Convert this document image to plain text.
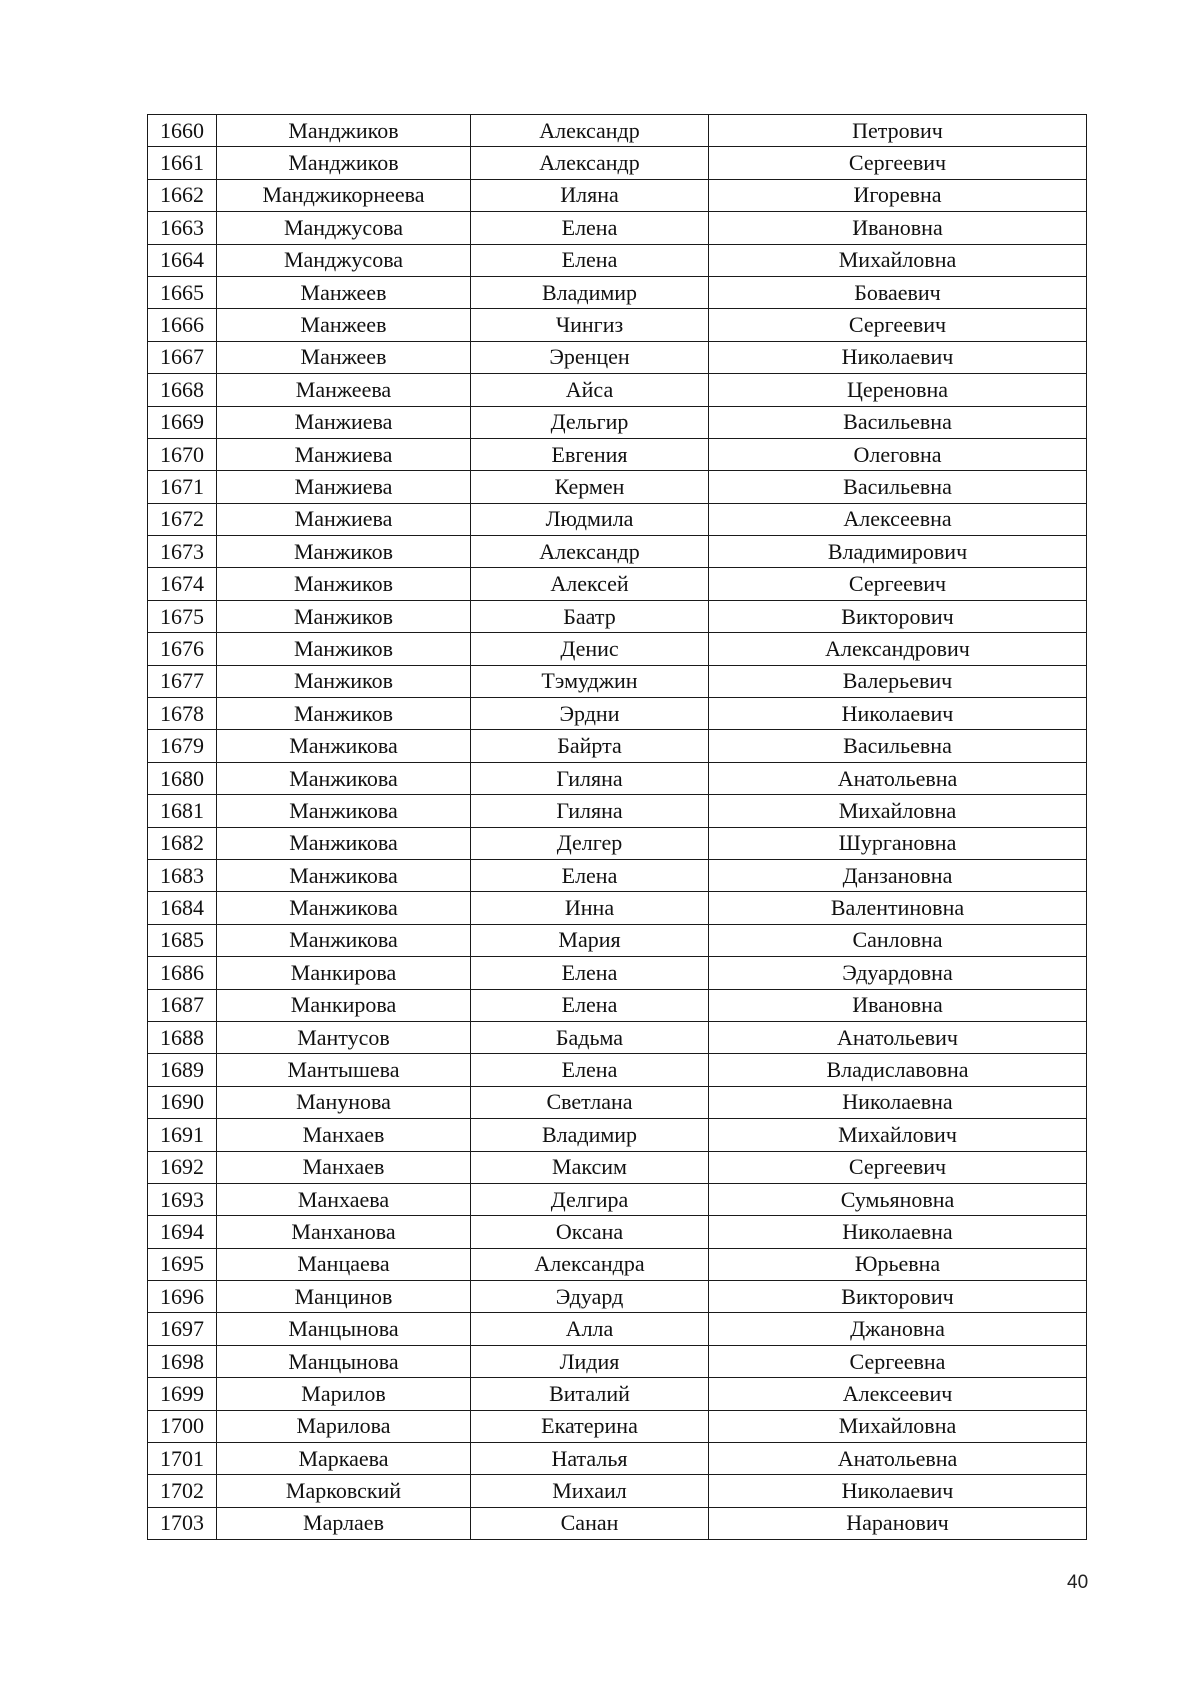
1660	Манджиков	Александр	Петрович
1661	Манджиков	Александр	Сергеевич
1662	Манджикорнеева	Иляна	Игоревна
1663	Манджусова	Елена	Ивановна
1664	Манджусова	Елена	Михайловна
1665	Манжеев	Владимир	Боваевич
1666	Манжеев	Чингиз	Сергеевич
1667	Манжеев	Эренцен	Николаевич
1668	Манжеева	Айса	Цереновна
1669	Манжиева	Дельгир	Васильевна
1670	Манжиева	Евгения	Олеговна
1671	Манжиева	Кермен	Васильевна
1672	Манжиева	Людмила	Алексеевна
1673	Манжиков	Александр	Владимирович
1674	Манжиков	Алексей	Сергеевич
1675	Манжиков	Баатр	Викторович
1676	Манжиков	Денис	Александрович
1677	Манжиков	Тэмуджин	Валерьевич
1678	Манжиков	Эрдни	Николаевич
1679	Манжикова	Байрта	Васильевна
1680	Манжикова	Гиляна	Анатольевна
1681	Манжикова	Гиляна	Михайловна
1682	Манжикова	Делгер	Шургановна
1683	Манжикова	Елена	Данзановна
1684	Манжикова	Инна	Валентиновна
1685	Манжикова	Мария	Санловна
1686	Манкирова	Елена	Эдуардовна
1687	Манкирова	Елена	Ивановна
1688	Мантусов	Бадьма	Анатольевич
1689	Мантышева	Елена	Владиславовна
1690	Манунова	Светлана	Николаевна
1691	Манхаев	Владимир	Михайлович
1692	Манхаев	Максим	Сергеевич
1693	Манхаева	Делгира	Сумьяновна
1694	Манханова	Оксана	Николаевна
1695	Манцаева	Александра	Юрьевна
1696	Манцинов	Эдуард	Викторович
1697	Манцынова	Алла	Джановна
1698	Манцынова	Лидия	Сергеевна
1699	Марилов	Виталий	Алексеевич
1700	Марилова	Екатерина	Михайловна
1701	Маркаева	Наталья	Анатольевна
1702	Марковский	Михаил	Николаевич
1703	Марлаев	Санан	Наранович
40
